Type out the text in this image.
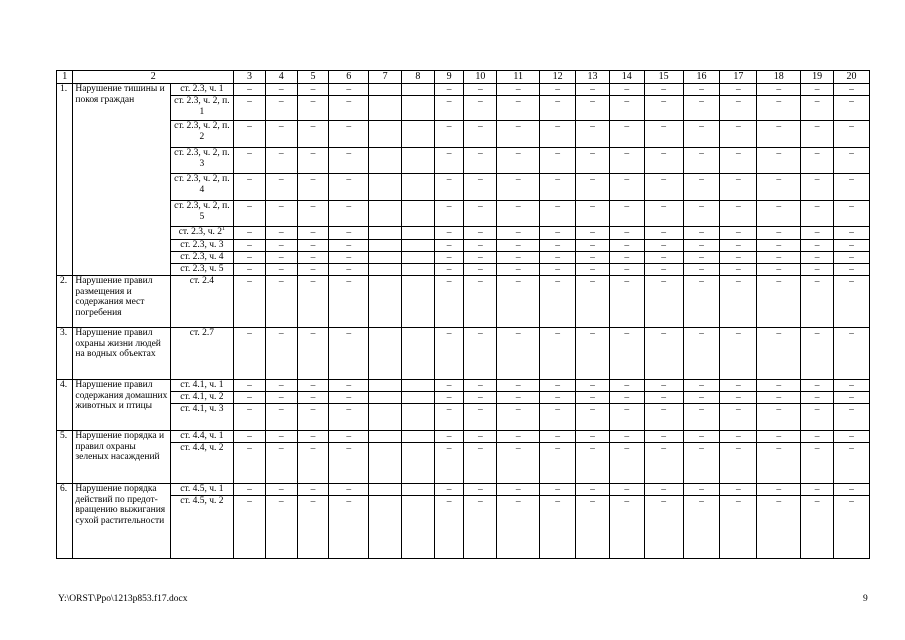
1	2		3	4	5	6	7	8	9	10	11	12	13	14	15	16	17	18	19	20
1.	Нарушение тишины и покоя граждан	ст. 2.3, ч. 1	–	–	–	–			–	–	–	–	–	–	–	–	–	–	–	–
		ст. 2.3, ч. 2, п. 1	–	–	–	–			–	–	–	–	–	–	–	–	–	–	–	–
		ст. 2.3, ч. 2, п. 2	–	–	–	–			–	–	–	–	–	–	–	–	–	–	–	–
		ст. 2.3, ч. 2, п. 3	–	–	–	–			–	–	–	–	–	–	–	–	–	–	–	–
		ст. 2.3, ч. 2, п. 4	–	–	–	–			–	–	–	–	–	–	–	–	–	–	–	–
		ст. 2.3, ч. 2, п. 5	–	–	–	–			–	–	–	–	–	–	–	–	–	–	–	–
		ст. 2.3, ч. $2^1$	–	–	–	–			–	–	–	–	–	–	–	–	–	–	–	–
		ст. 2.3, ч. 3	–	–	–	–			–	–	–	–	–	–	–	–	–	–	–	–
		ст. 2.3, ч. 4	–	–	–	–			–	–	–	–	–	–	–	–	–	–	–	–
		ст. 2.3, ч. 5	–	–	–	–			–	–	–	–	–	–	–	–	–	–	–	–
2.	Нарушение правил размещения и содержания мест погребения	ст. 2.4	–	–	–	–			–	–	–	–	–	–	–	–	–	–	–	–
3.	Нарушение правил охраны жизни людей на водных объектах	ст. 2.7	–	–	–	–			–	–	–	–	–	–	–	–	–	–	–	–
4.	Нарушение правил содержания домашних животных и птицы	ст. 4.1, ч. 1	–	–	–	–			–	–	–	–	–	–	–	–	–	–	–	–
		ст. 4.1, ч. 2	–	–	–	–			–	–	–	–	–	–	–	–	–	–	–	–
		ст. 4.1, ч. 3	–	–	–	–			–	–	–	–	–	–	–	–	–	–	–	–
5.	Нарушение порядка и правил охраны зеленых насаждений	ст. 4.4, ч. 1	–	–	–	–			–	–	–	–	–	–	–	–	–	–	–	–
		ст. 4.4, ч. 2	–	–	–	–			–	–	–	–	–	–	–	–	–	–	–	–
6.	Нарушение порядка действий по предот-вращению выжигания сухой растительности	ст. 4.5, ч. 1	–	–	–	–			–	–	–	–	–	–	–	–	–	–	–	–
		ст. 4.5, ч. 2	–	–	–	–			–	–	–	–	–	–	–	–	–	–	–	–
Y:\ORST\Ppo\1213p853.f17.docx	9
